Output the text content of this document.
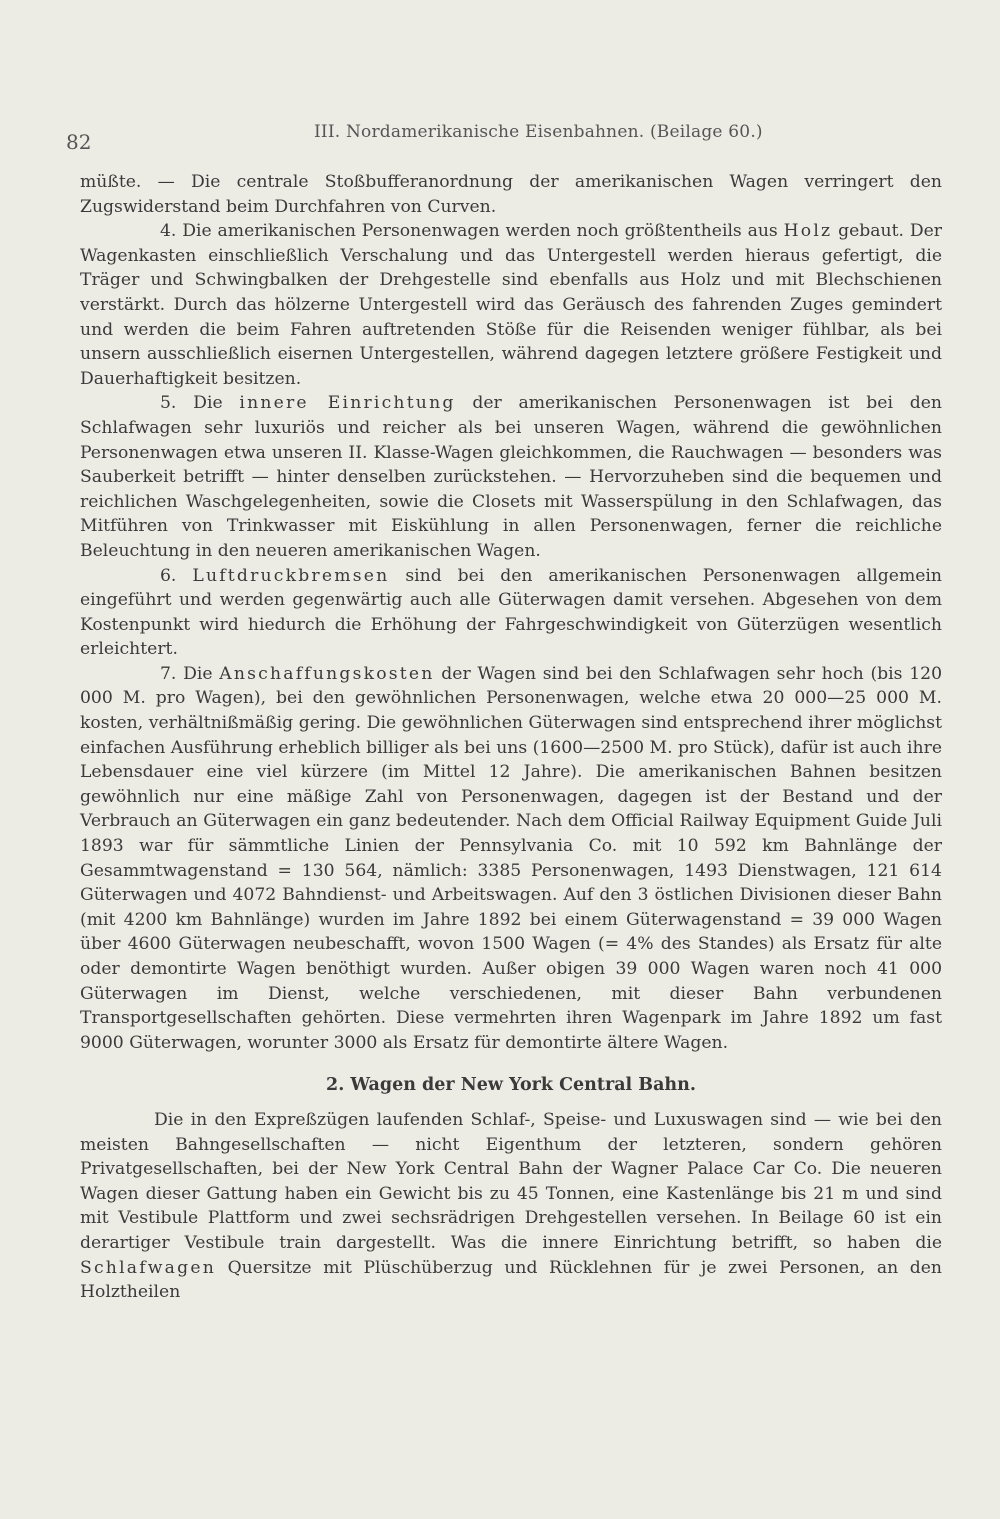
82	III. Nordamerikanische Eisenbahnen. (Beilage 60.)

müßte. — Die centrale Stoßbufferanordnung der amerikanischen Wagen verringert den Zugswiderstand beim Durchfahren von Curven.

4. Die amerikanischen Personenwagen werden noch größtentheils aus Holz gebaut. Der Wagenkasten einschließlich Verschalung und das Untergestell werden hieraus gefertigt, die Träger und Schwingbalken der Drehgestelle sind ebenfalls aus Holz und mit Blechschienen verstärkt. Durch das hölzerne Untergestell wird das Geräusch des fahrenden Zuges gemindert und werden die beim Fahren auftretenden Stöße für die Reisenden weniger fühlbar, als bei unsern ausschließlich eisernen Untergestellen, während dagegen letztere größere Festigkeit und Dauerhaftigkeit besitzen.

5. Die innere Einrichtung der amerikanischen Personenwagen ist bei den Schlafwagen sehr luxuriös und reicher als bei unseren Wagen, während die gewöhnlichen Personenwagen etwa unseren II. Klasse-Wagen gleichkommen, die Rauchwagen — besonders was Sauberkeit betrifft — hinter denselben zurückstehen. — Hervorzuheben sind die bequemen und reichlichen Waschgelegenheiten, sowie die Closets mit Wasserspülung in den Schlafwagen, das Mitführen von Trinkwasser mit Eiskühlung in allen Personenwagen, ferner die reichliche Beleuchtung in den neueren amerikanischen Wagen.

6. Luftdruckbremsen sind bei den amerikanischen Personenwagen allgemein eingeführt und werden gegenwärtig auch alle Güterwagen damit versehen. Abgesehen von dem Kostenpunkt wird hiedurch die Erhöhung der Fahrgeschwindigkeit von Güterzügen wesentlich erleichtert.

7. Die Anschaffungskosten der Wagen sind bei den Schlafwagen sehr hoch (bis 120 000 M. pro Wagen), bei den gewöhnlichen Personenwagen, welche etwa 20 000—25 000 M. kosten, verhältnißmäßig gering. Die gewöhnlichen Güterwagen sind entsprechend ihrer möglichst einfachen Ausführung erheblich billiger als bei uns (1600—2500 M. pro Stück), dafür ist auch ihre Lebensdauer eine viel kürzere (im Mittel 12 Jahre). Die amerikanischen Bahnen besitzen gewöhnlich nur eine mäßige Zahl von Personenwagen, dagegen ist der Bestand und der Verbrauch an Güterwagen ein ganz bedeutender. Nach dem Official Railway Equipment Guide Juli 1893 war für sämmtliche Linien der Pennsylvania Co. mit 10 592 km Bahnlänge der Gesammtwagenstand = 130 564, nämlich: 3385 Personenwagen, 1493 Dienstwagen, 121 614 Güterwagen und 4072 Bahndienst- und Arbeitswagen. Auf den 3 östlichen Divisionen dieser Bahn (mit 4200 km Bahnlänge) wurden im Jahre 1892 bei einem Güterwagenstand = 39 000 Wagen über 4600 Güterwagen neubeschafft, wovon 1500 Wagen (= 4% des Standes) als Ersatz für alte oder demontirte Wagen benöthigt wurden. Außer obigen 39 000 Wagen waren noch 41 000 Güterwagen im Dienst, welche verschiedenen, mit dieser Bahn verbundenen Transportgesellschaften gehörten. Diese vermehrten ihren Wagenpark im Jahre 1892 um fast 9000 Güterwagen, worunter 3000 als Ersatz für demontirte ältere Wagen.

2. Wagen der New York Central Bahn.

Die in den Expreßzügen laufenden Schlaf-, Speise- und Luxuswagen sind — wie bei den meisten Bahngesellschaften — nicht Eigenthum der letzteren, sondern gehören Privatgesellschaften, bei der New York Central Bahn der Wagner Palace Car Co. Die neueren Wagen dieser Gattung haben ein Gewicht bis zu 45 Tonnen, eine Kastenlänge bis 21 m und sind mit Vestibule Plattform und zwei sechsrädrigen Drehgestellen versehen. In Beilage 60 ist ein derartiger Vestibule train dargestellt. Was die innere Einrichtung betrifft, so haben die Schlafwagen Quersitze mit Plüschüberzug und Rücklehnen für je zwei Personen, an den Holztheilen
